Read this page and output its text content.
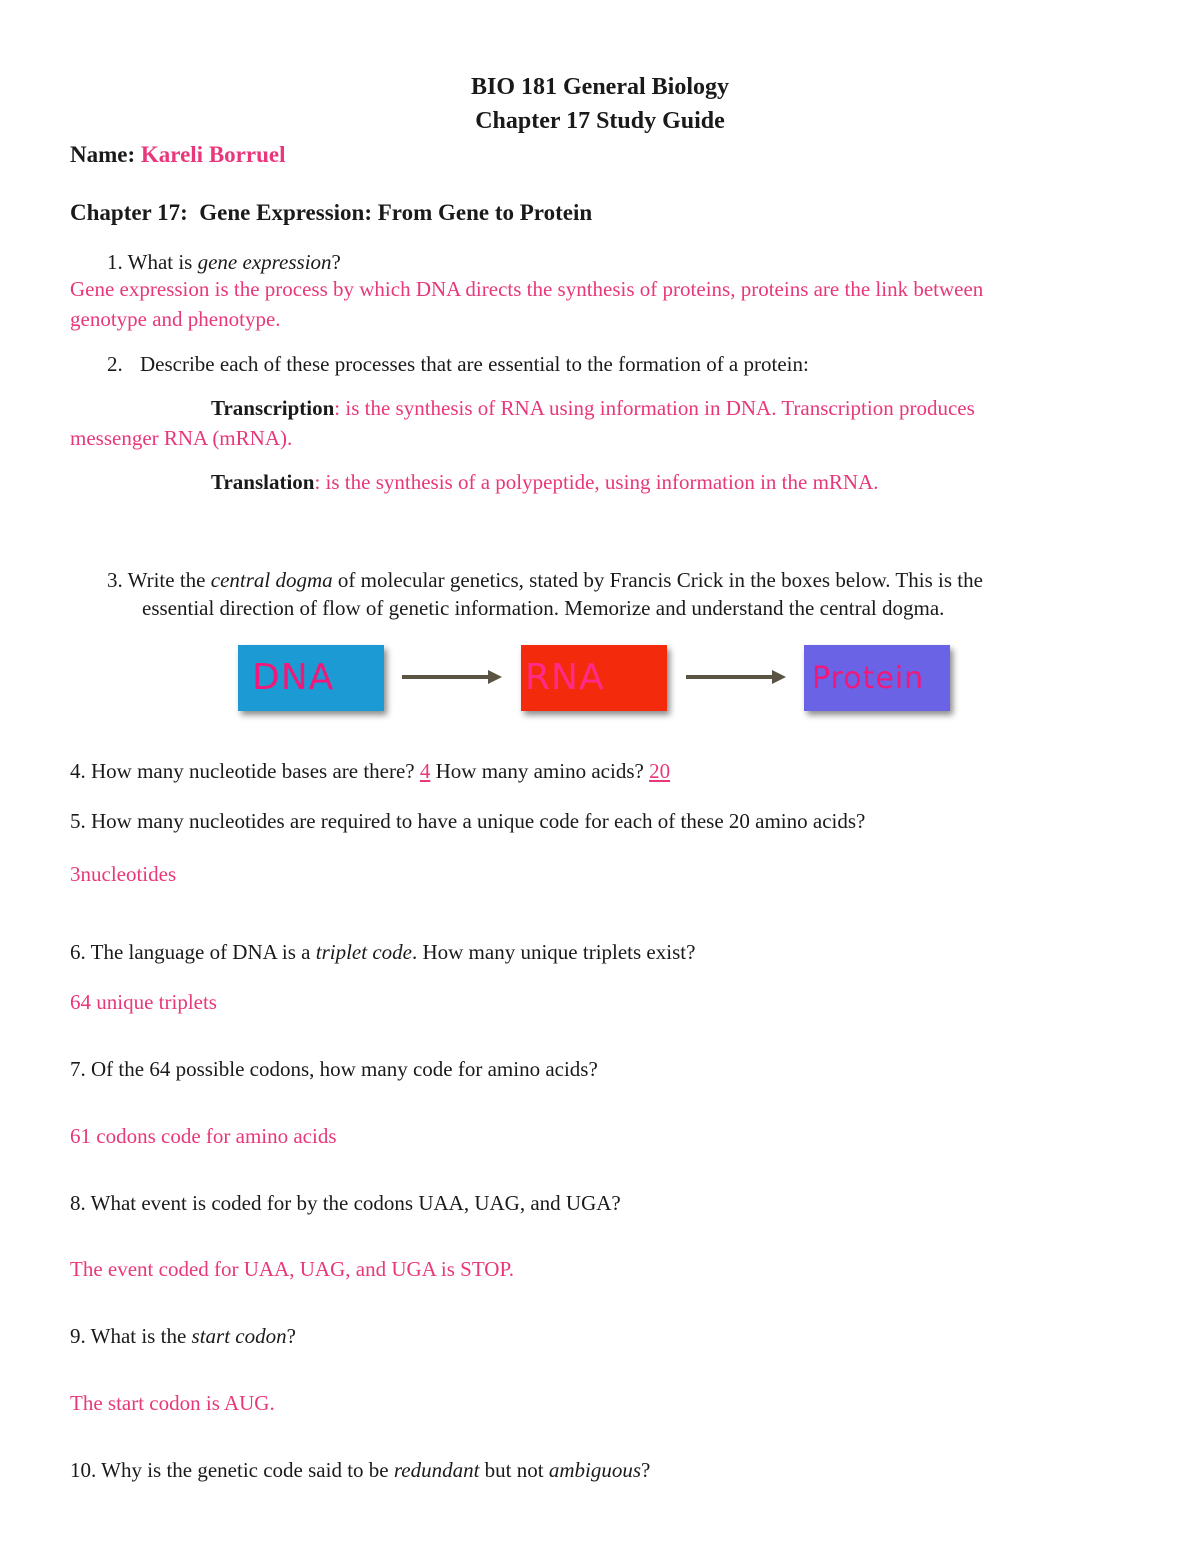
BIO 181 General Biology
Chapter 17 Study Guide
Name: Kareli Borruel
Chapter 17:  Gene Expression: From Gene to Protein
1. What is gene expression?
Gene expression is the process by which DNA directs the synthesis of proteins, proteins are the link between
genotype and phenotype.
2. Describe each of these processes that are essential to the formation of a protein:
Transcription: is the synthesis of RNA using information in DNA. Transcription produces
messenger RNA (mRNA).
Translation: is the synthesis of a polypeptide, using information in the mRNA.
3. Write the central dogma of molecular genetics, stated by Francis Crick in the boxes below. This is the
essential direction of flow of genetic information. Memorize and understand the central dogma.
DNA	RNA	Protein
4. How many nucleotide bases are there? 4 How many amino acids? 20
5. How many nucleotides are required to have a unique code for each of these 20 amino acids?
3nucleotides
6. The language of DNA is a triplet code. How many unique triplets exist?
64 unique triplets
7. Of the 64 possible codons, how many code for amino acids?
61 codons code for amino acids
8. What event is coded for by the codons UAA, UAG, and UGA?
The event coded for UAA, UAG, and UGA is STOP.
9. What is the start codon?
The start codon is AUG.
10. Why is the genetic code said to be redundant but not ambiguous?
